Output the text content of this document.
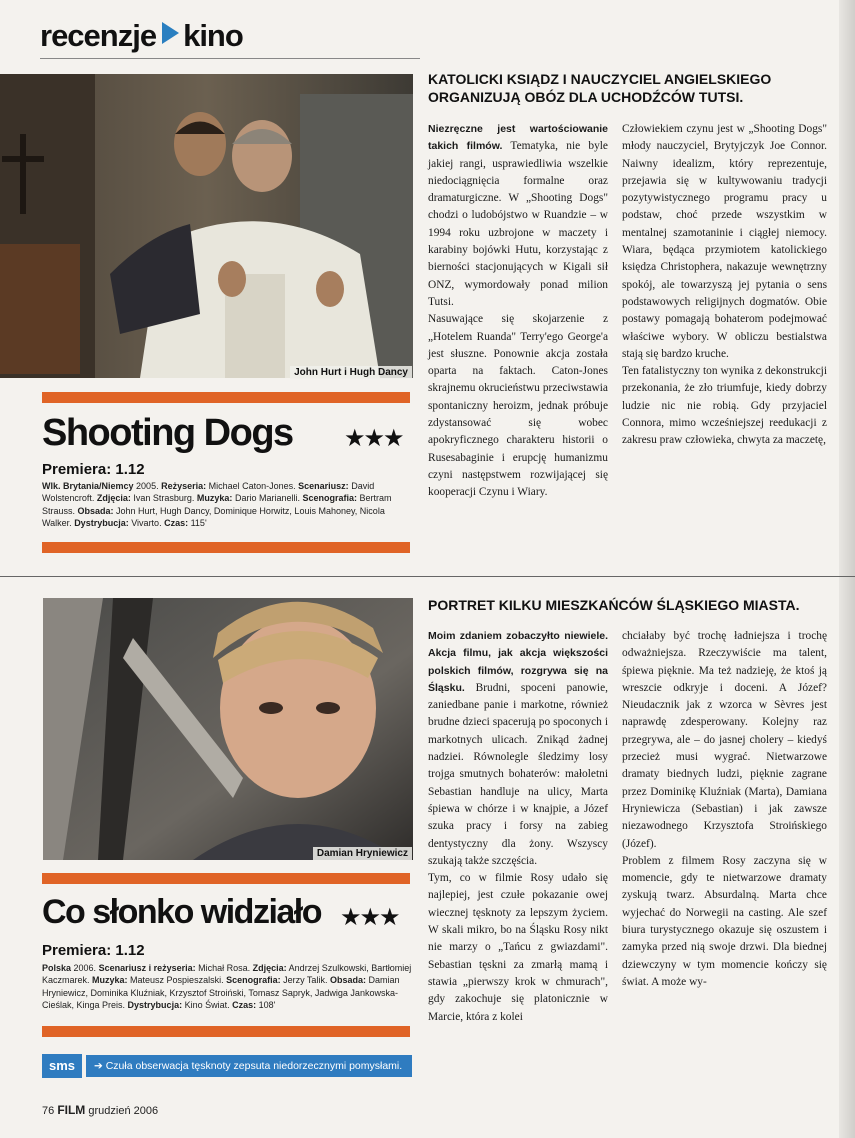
recenzje kino
John Hurt i Hugh Dancy
Shooting Dogs ★★★
Premiera: 1.12
Wlk. Brytania/Niemcy 2005. Reżyseria: Michael Caton-Jones. Scenariusz: David Wolstencroft. Zdjęcia: Ivan Strasburg. Muzyka: Dario Marianelli. Scenografia: Bertram Strauss. Obsada: John Hurt, Hugh Dancy, Dominique Horwitz, Louis Mahoney, Nicola Walker. Dystrybucja: Vivarto. Czas: 115'
KATOLICKI KSIĄDZ I NAUCZYCIEL ANGIELSKIEGO ORGANIZUJĄ OBÓZ DLA UCHODŹCÓW TUTSI.
Niezręczne jest wartościowanie takich filmów. Tematyka, nie byle jakiej rangi, usprawiedliwia wszelkie niedociągnięcia formalne oraz dramaturgiczne. W „Shooting Dogs" chodzi o ludobójstwo w Ruandzie – w 1994 roku uzbrojone w maczety i karabiny bojówki Hutu, korzystając z bierności stacjonujących w Kigali sił ONZ, wymordowały ponad milion Tutsi.
Nasuwające się skojarzenie z „Hotelem Ruanda" Terry'ego George'a jest słuszne. Ponownie akcja została oparta na faktach. Caton-Jones skrajnemu okrucieństwu przeciwstawia spontaniczny heroizm, jednak próbuje zdystansować się wobec apokryficznego charakteru historii o Rusesabaginie i erupcję humanizmu czyni następstwem rozwijającej się kooperacji Czynu i Wiary.
Człowiekiem czynu jest w „Shooting Dogs" młody nauczyciel, Brytyjczyk Joe Connor. Naiwny idealizm, który reprezentuje, przejawia się w kultywowaniu tradycji pozytywistycznego programu pracy u podstaw, choć przede wszystkim w mentalnej szamotaninie i ciągłej niemocy. Wiara, będąca przymiotem katolickiego księdza Christophera, nakazuje wewnętrzny spokój, ale towarzyszą jej pytania o sens podstawowych religijnych dogmatów. Obie postawy pomagają bohaterom podejmować właściwe wybory. W obliczu bestialstwa stają się bardzo kruche.
Ten fatalistyczny ton wynika z dekonstrukcji przekonania, że zło triumfuje, kiedy dobrzy ludzie nic nie robią. Gdy przyjaciel Connora, mimo wcześniejszej reedukacji z zakresu praw człowieka, chwyta za maczetę,
Damian Hryniewicz
Co słonko widziało ★★★
Premiera: 1.12
Polska 2006. Scenariusz i reżyseria: Michał Rosa. Zdjęcia: Andrzej Szulkowski, Bartłomiej Kaczmarek. Muzyka: Mateusz Pospieszalski. Scenografia: Jerzy Talik. Obsada: Damian Hryniewicz, Dominika Kluźniak, Krzysztof Stroiński, Tomasz Sapryk, Jadwiga Jankowska-Cieślak, Kinga Preis. Dystrybucja: Kino Świat. Czas: 108'
sms	➔ Czuła obserwacja tęsknoty zepsuta niedorzecznymi pomysłami.
PORTRET KILKU MIESZKAŃCÓW ŚLĄSKIEGO MIASTA.
Moim zdaniem zobaczyłto niewiele. Akcja filmu, jak akcja większości polskich filmów, rozgrywa się na Śląsku. Brudni, spoceni panowie, zaniedbane panie i markotne, również brudne dzieci spacerują po spoconych i markotnych ulicach. Znikąd żadnej nadziei. Równolegle śledzimy losy trojga smutnych bohaterów: małoletni Sebastian handluje na ulicy, Marta śpiewa w chórze i w knajpie, a Józef szuka pracy i forsy na zabieg dentystyczny dla żony. Wszyscy szukają także szczęścia.
Tym, co w filmie Rosy udało się najlepiej, jest czułe pokazanie owej wiecznej tęsknoty za lepszym życiem. W skali mikro, bo na Śląsku Rosy nikt nie marzy o „Tańcu z gwiazdami". Sebastian tęskni za zmarłą mamą i stawia „pierwszy krok w chmurach", gdy zakochuje się platonicznie w Marcie, która z kolei
chciałaby być trochę ładniejsza i trochę odważniejsza. Rzeczywiście ma talent, śpiewa pięknie. Ma też nadzieję, że ktoś ją wreszcie odkryje i doceni. A Józef? Nieudacznik jak z wzorca w Sèvres jest naprawdę zdesperowany. Kolejny raz przegrywa, ale – do jasnej cholery – kiedyś przecież musi wygrać. Nietwarzowe dramaty biednych ludzi, pięknie zagrane przez Dominikę Kluźniak (Marta), Damiana Hryniewicza (Sebastian) i jak zawsze niezawodnego Krzysztofa Stroińskiego (Józef).
Problem z filmem Rosy zaczyna się w momencie, gdy te nietwarzowe dramaty zyskują twarz. Absurdalną. Marta chce wyjechać do Norwegii na casting. Ale szef biura turystycznego okazuje się oszustem i zamyka przed nią swoje drzwi. Dla biednej dziewczyny w tym momencie kończy się świat. A może wy-
76 FILM grudzień 2006
